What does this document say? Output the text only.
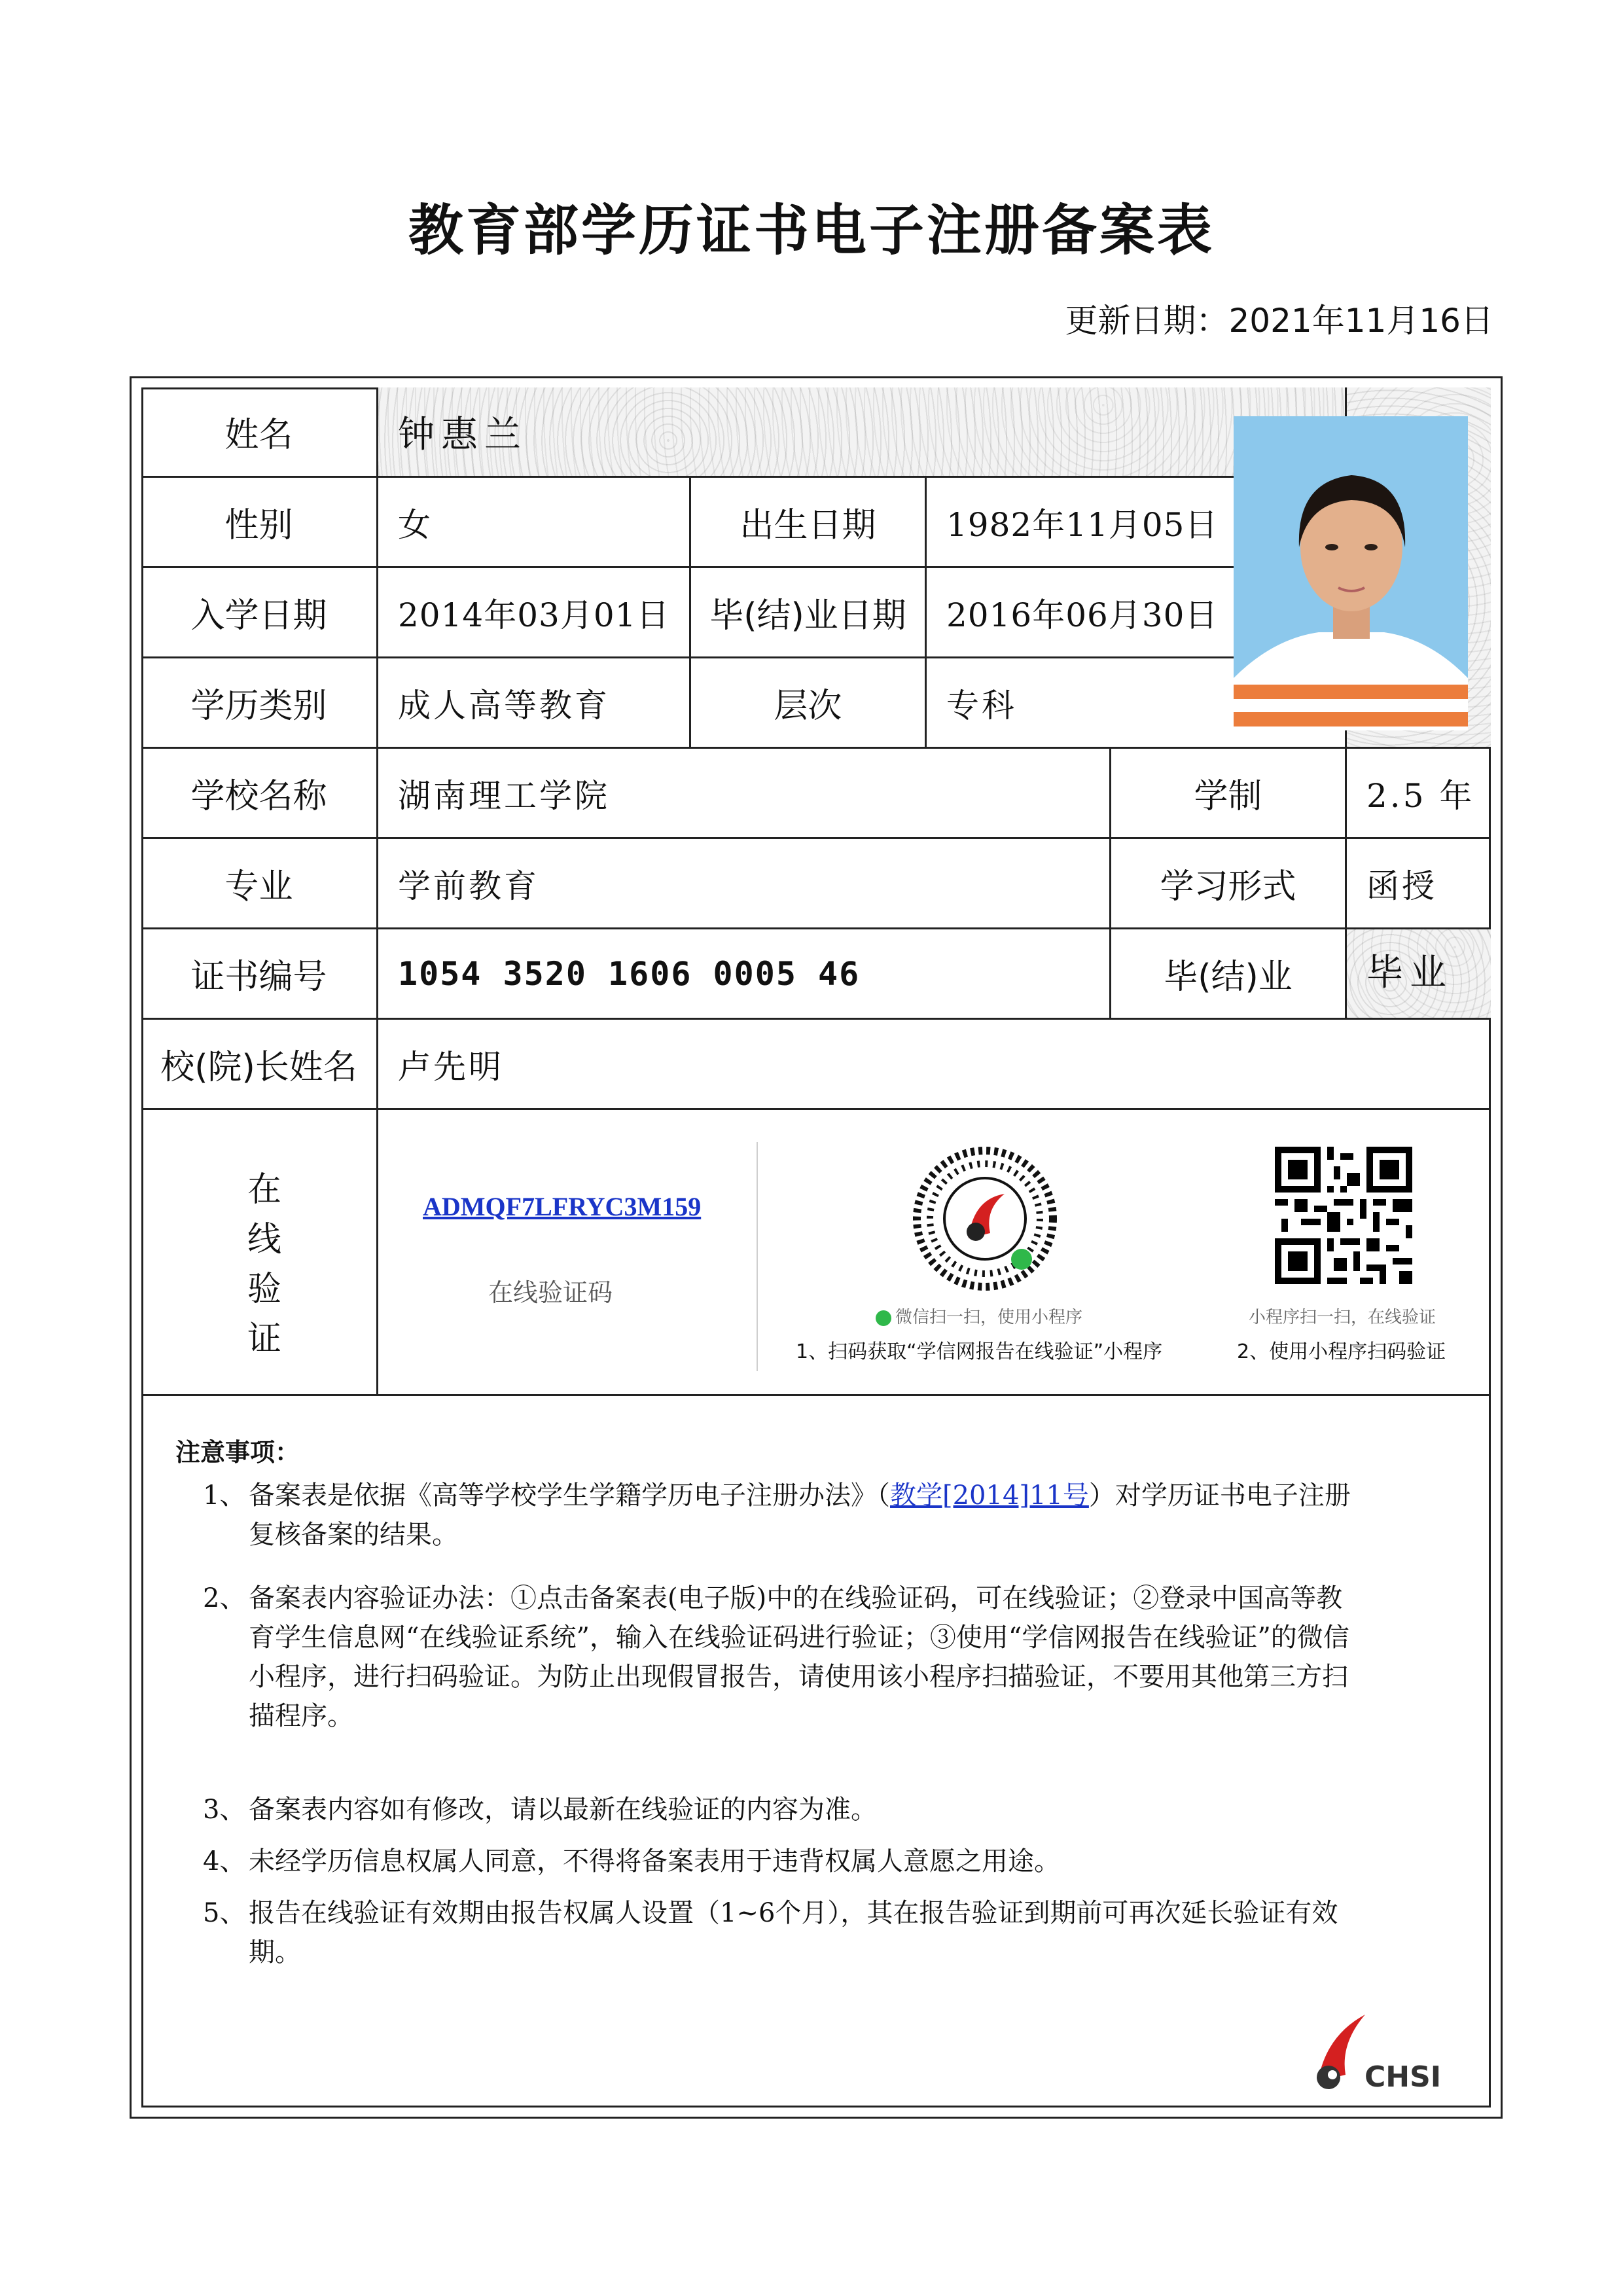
教育部学历证书电子注册备案表
更新日期：2021年11月16日
姓名	钟惠兰
性别	女	出生日期	1982年11月05日
入学日期	2014年03月01日	毕(结)业日期	2016年06月30日
学历类别	成人高等教育	层次	专科
学校名称	湖南理工学院	学制	2.5 年
专业	学前教育	学习形式	函授
证书编号	1054 3520 1606 0005 46	毕(结)业	毕业
校(院)长姓名	卢先明
在
线
验
证
ADMQF7LFRYC3M159
在线验证码
微信扫一扫，使用小程序
1、扫码获取“学信网报告在线验证”小程序
小程序扫一扫，在线验证
2、使用小程序扫码验证
注意事项：
1、 备案表是依据《高等学校学生学籍学历电子注册办法》（教学[2014]11号）对学历证书电子注册复核备案的结果。
2、 备案表内容验证办法：①点击备案表(电子版)中的在线验证码，可在线验证；②登录中国高等教育学生信息网“在线验证系统”，输入在线验证码进行验证；③使用“学信网报告在线验证”的微信小程序，进行扫码验证。为防止出现假冒报告，请使用该小程序扫描验证，不要用其他第三方扫描程序。
3、 备案表内容如有修改，请以最新在线验证的内容为准。
4、 未经学历信息权属人同意，不得将备案表用于违背权属人意愿之用途。
5、 报告在线验证有效期由报告权属人设置（1~6个月），其在报告验证到期前可再次延长验证有效期。
CHSI
